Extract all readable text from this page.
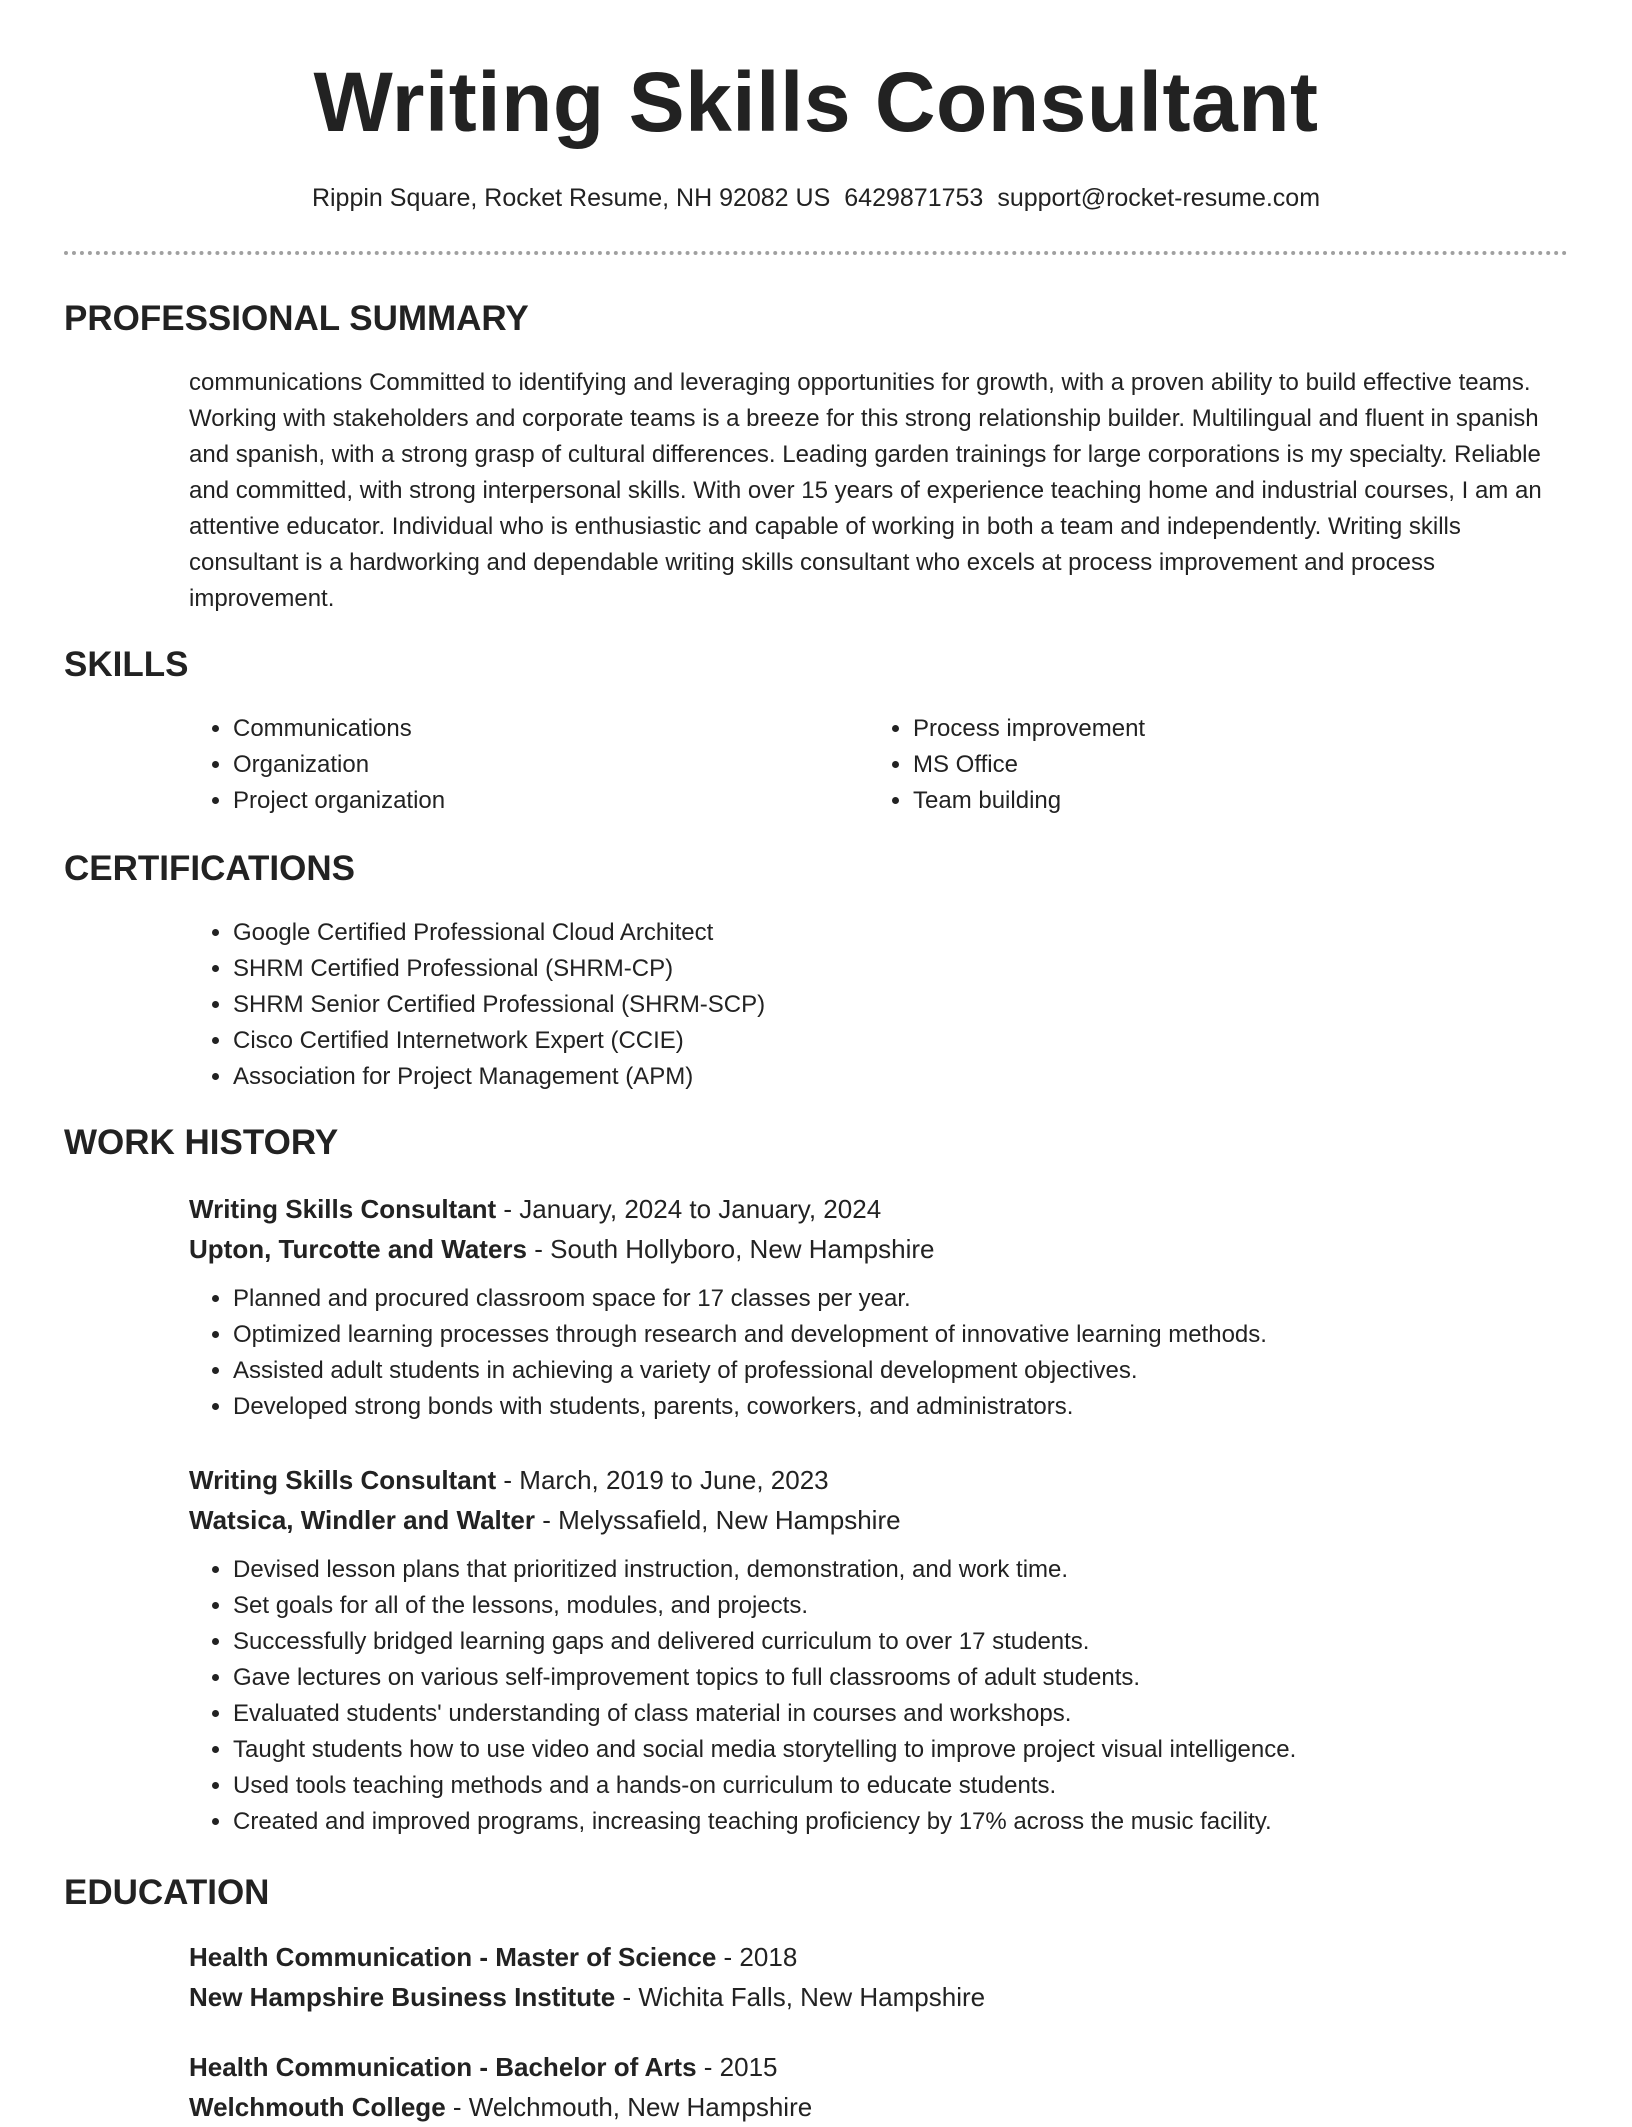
Writing Skills Consultant
Rippin Square, Rocket Resume, NH 92082 US 6429871753 support@rocket-resume.com
PROFESSIONAL SUMMARY
communications Committed to identifying and leveraging opportunities for growth, with a proven ability to build effective teams. Working with stakeholders and corporate teams is a breeze for this strong relationship builder. Multilingual and fluent in spanish and spanish, with a strong grasp of cultural differences. Leading garden trainings for large corporations is my specialty. Reliable and committed, with strong interpersonal skills. With over 15 years of experience teaching home and industrial courses, I am an attentive educator. Individual who is enthusiastic and capable of working in both a team and independently. Writing skills consultant is a hardworking and dependable writing skills consultant who excels at process improvement and process improvement.
SKILLS
• Communications
• Organization
• Project organization
• Process improvement
• MS Office
• Team building
CERTIFICATIONS
• Google Certified Professional Cloud Architect
• SHRM Certified Professional (SHRM-CP)
• SHRM Senior Certified Professional (SHRM-SCP)
• Cisco Certified Internetwork Expert (CCIE)
• Association for Project Management (APM)
WORK HISTORY
Writing Skills Consultant - January, 2024 to January, 2024
Upton, Turcotte and Waters - South Hollyboro, New Hampshire
• Planned and procured classroom space for 17 classes per year.
• Optimized learning processes through research and development of innovative learning methods.
• Assisted adult students in achieving a variety of professional development objectives.
• Developed strong bonds with students, parents, coworkers, and administrators.
Writing Skills Consultant - March, 2019 to June, 2023
Watsica, Windler and Walter - Melyssafield, New Hampshire
• Devised lesson plans that prioritized instruction, demonstration, and work time.
• Set goals for all of the lessons, modules, and projects.
• Successfully bridged learning gaps and delivered curriculum to over 17 students.
• Gave lectures on various self-improvement topics to full classrooms of adult students.
• Evaluated students' understanding of class material in courses and workshops.
• Taught students how to use video and social media storytelling to improve project visual intelligence.
• Used tools teaching methods and a hands-on curriculum to educate students.
• Created and improved programs, increasing teaching proficiency by 17% across the music facility.
EDUCATION
Health Communication - Master of Science - 2018
New Hampshire Business Institute - Wichita Falls, New Hampshire
Health Communication - Bachelor of Arts - 2015
Welchmouth College - Welchmouth, New Hampshire
